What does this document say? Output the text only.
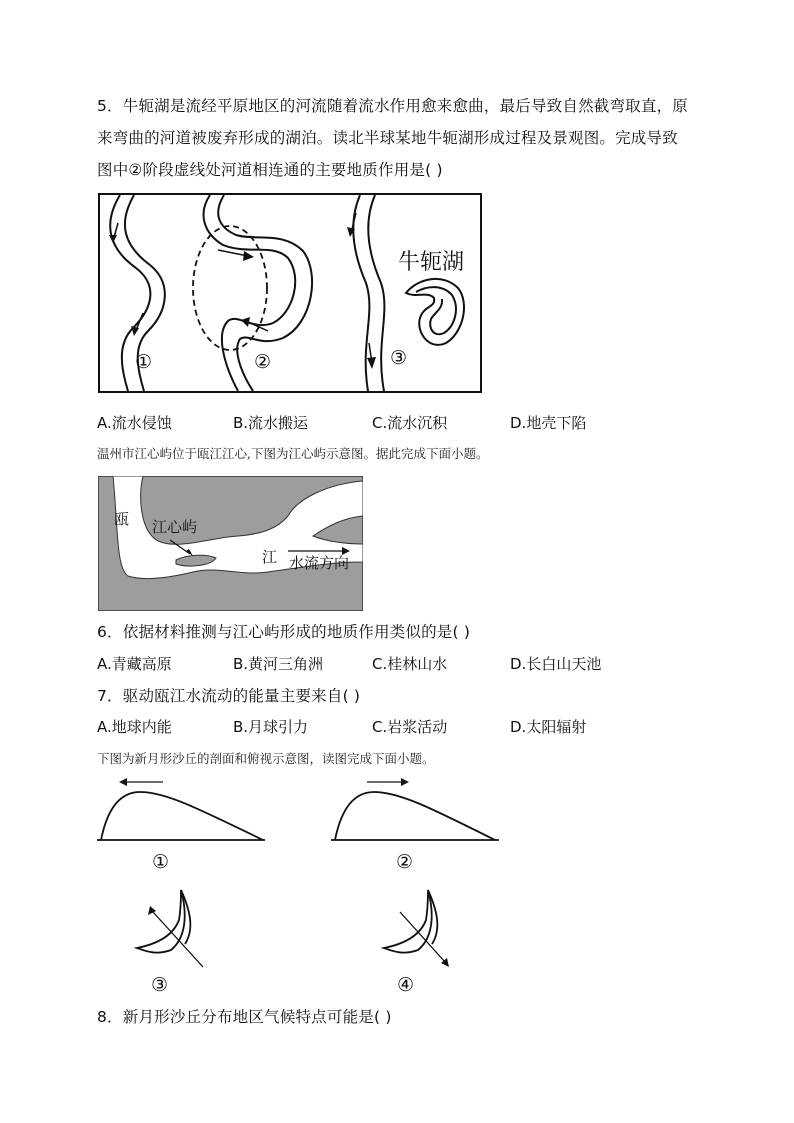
5．牛轭湖是流经平原地区的河流随着流水作用愈来愈曲，最后导致自然截弯取直，原
来弯曲的河道被废弃形成的湖泊。读北半球某地牛轭湖形成过程及景观图。完成导致
图中②阶段虚线处河道相连通的主要地质作用是( )
牛轭湖
①	②	③
A.流水侵蚀	B.流水搬运	C.流水沉积	D.地壳下陷
温州市江心屿位于瓯江江心,下图为江心屿示意图。据此完成下面小题。
瓯 江心屿
江 水流方向
6．依据材料推测与江心屿形成的地质作用类似的是( )
A.青藏高原	B.黄河三角洲	C.桂林山水	D.长白山天池
7．驱动瓯江水流动的能量主要来自( )
A.地球内能	B.月球引力	C.岩浆活动	D.太阳辐射
下图为新月形沙丘的剖面和俯视示意图，读图完成下面小题。
①	②
③	④
8．新月形沙丘分布地区气候特点可能是( )
